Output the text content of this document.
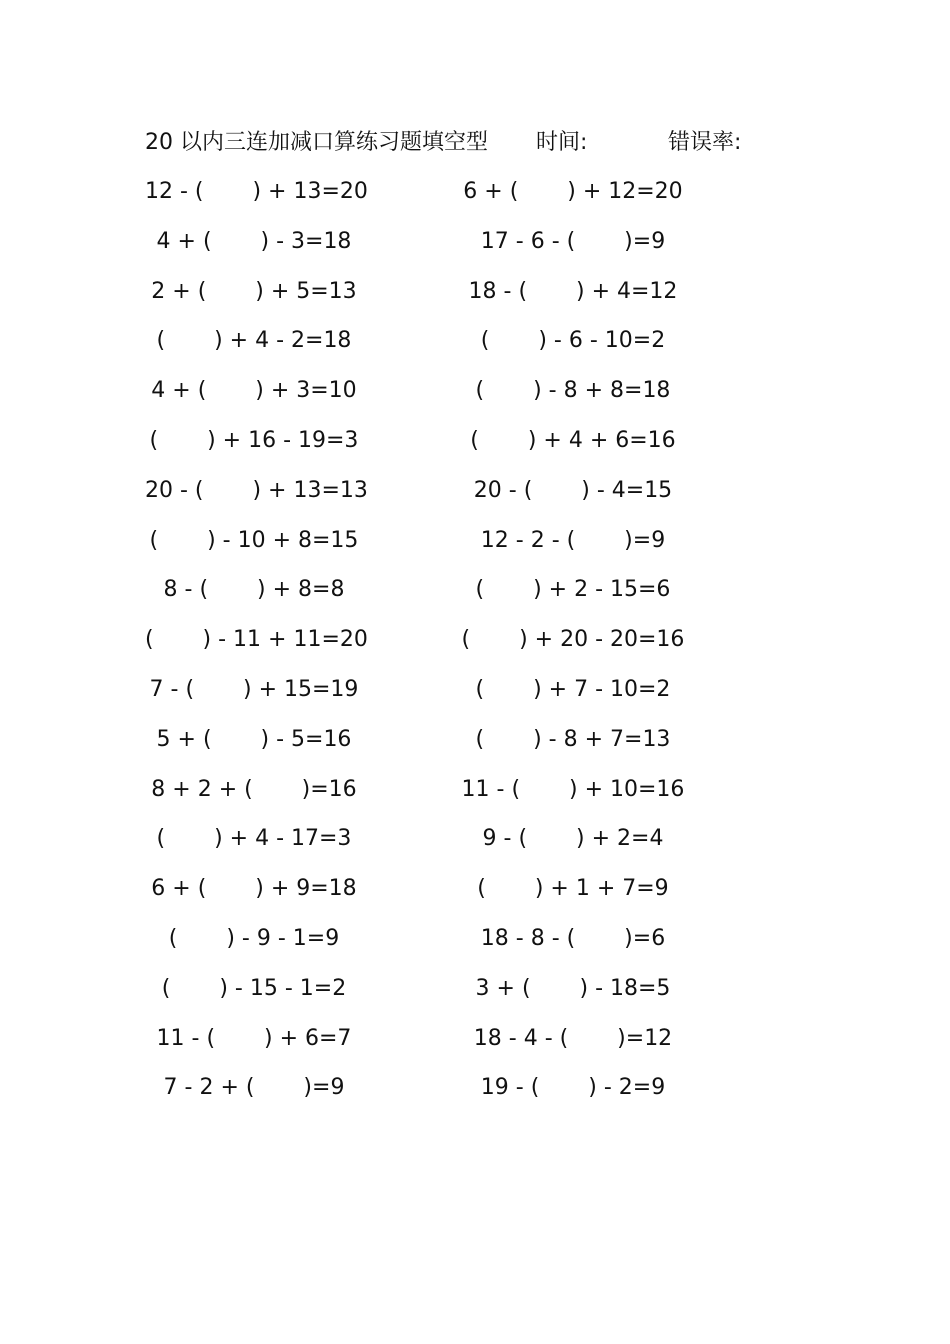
20 以内三连加减口算练习题填空型 时间:	错误率:
12 - (       ) + 13=20
4 + (       ) - 3=18
2 + (       ) + 5=13
(       ) + 4 - 2=18
4 + (       ) + 3=10
(       ) + 16 - 19=3
20 - (       ) + 13=13
(       ) - 10 + 8=15
8 - (       ) + 8=8
(       ) - 11 + 11=20
7 - (       ) + 15=19
5 + (       ) - 5=16
8 + 2 + (       )=16
(       ) + 4 - 17=3
6 + (       ) + 9=18
(       ) - 9 - 1=9
(       ) - 15 - 1=2
11 - (       ) + 6=7
7 - 2 + (       )=9
6 + (       ) + 12=20
17 - 6 - (       )=9
18 - (       ) + 4=12
(       ) - 6 - 10=2
(       ) - 8 + 8=18
(       ) + 4 + 6=16
20 - (       ) - 4=15
12 - 2 - (       )=9
(       ) + 2 - 15=6
(       ) + 20 - 20=16
(       ) + 7 - 10=2
(       ) - 8 + 7=13
11 - (       ) + 10=16
9 - (       ) + 2=4
(       ) + 1 + 7=9
18 - 8 - (       )=6
3 + (       ) - 18=5
18 - 4 - (       )=12
19 - (       ) - 2=9
